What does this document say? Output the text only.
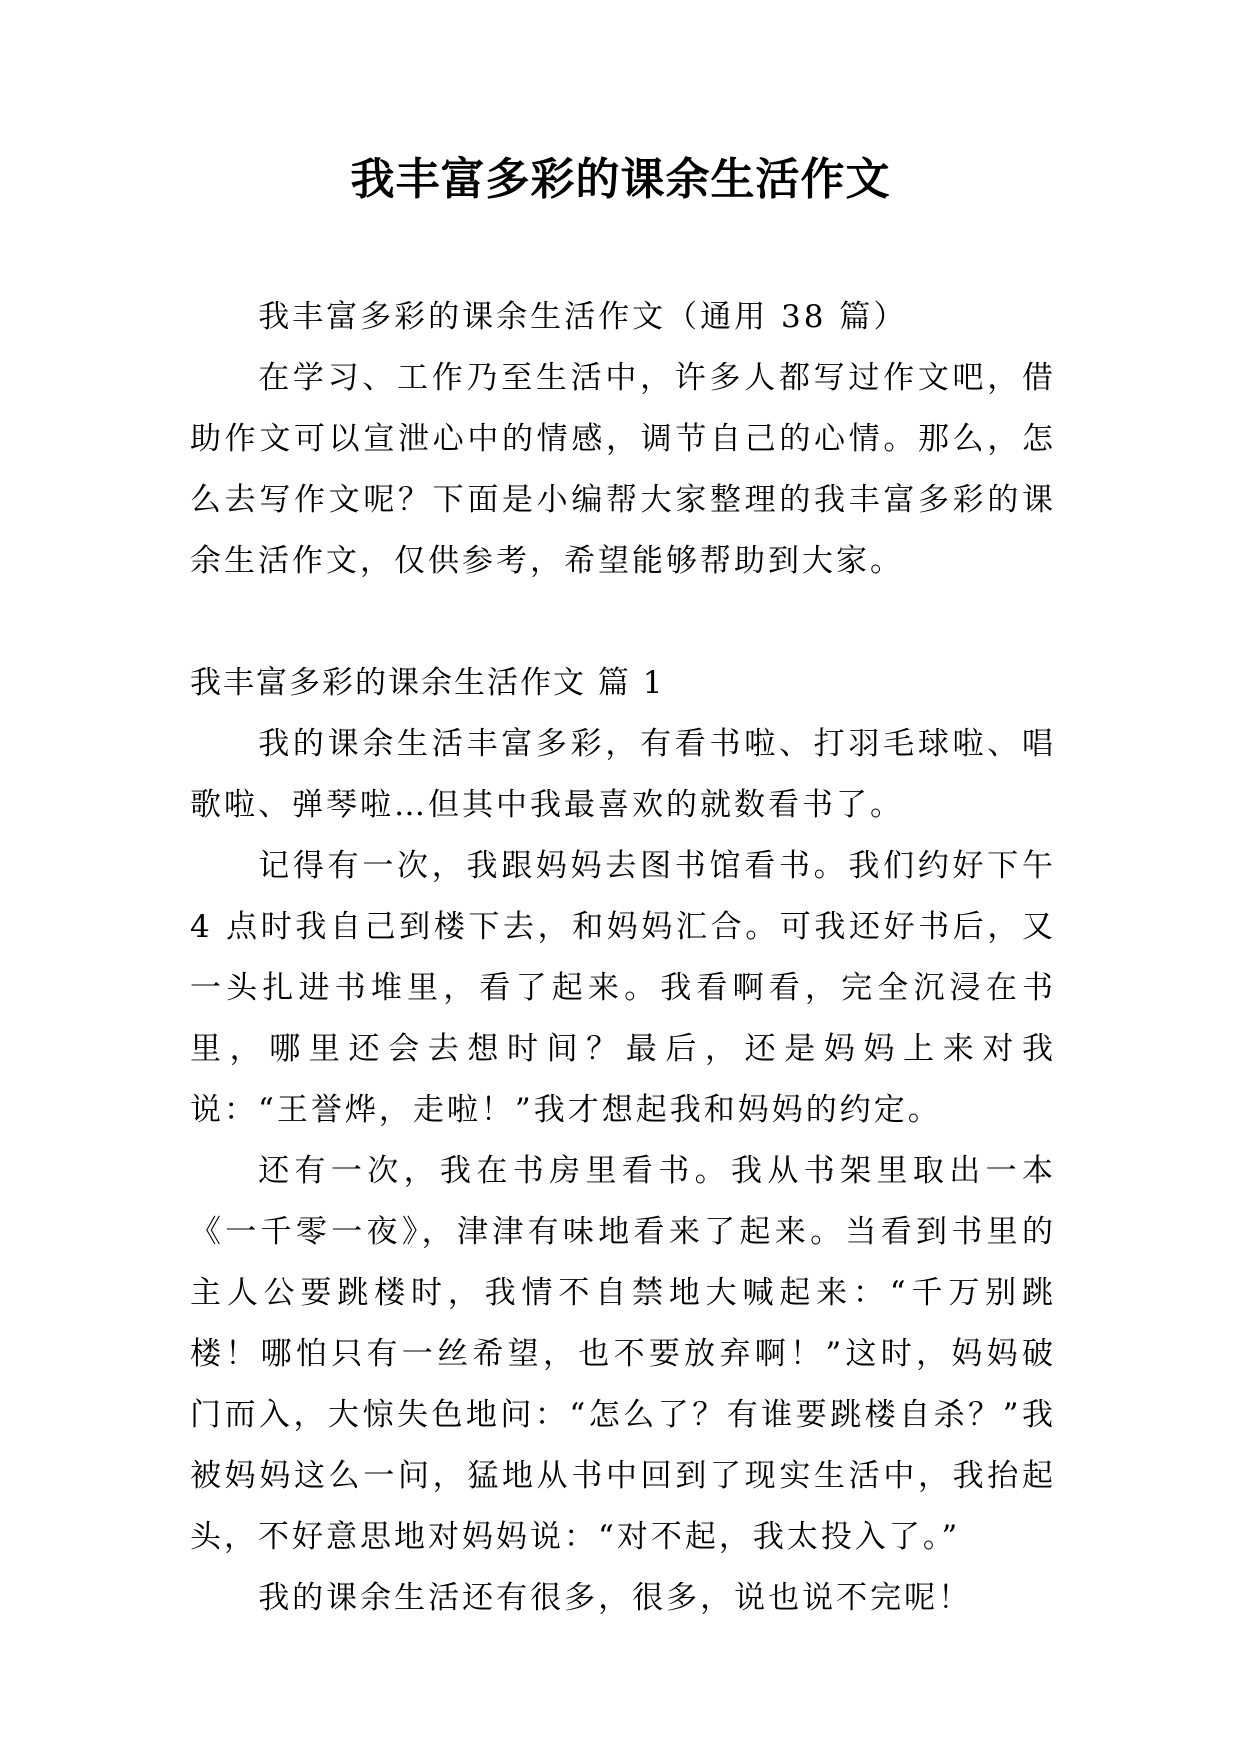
我丰富多彩的课余生活作文

我丰富多彩的课余生活作文（通用 38 篇）

在学习、工作乃至生活中，许多人都写过作文吧，借助作文可以宣泄心中的情感，调节自己的心情。那么，怎么去写作文呢？下面是小编帮大家整理的我丰富多彩的课余生活作文，仅供参考，希望能够帮助到大家。

我丰富多彩的课余生活作文 篇 1

我的课余生活丰富多彩，有看书啦、打羽毛球啦、唱歌啦、弹琴啦…但其中我最喜欢的就数看书了。

记得有一次，我跟妈妈去图书馆看书。我们约好下午 4 点时我自己到楼下去，和妈妈汇合。可我还好书后，又一头扎进书堆里，看了起来。我看啊看，完全沉浸在书里，哪里还会去想时间？最后，还是妈妈上来对我说：“王誉烨，走啦！”我才想起我和妈妈的约定。

还有一次，我在书房里看书。我从书架里取出一本《一千零一夜》，津津有味地看来了起来。当看到书里的主人公要跳楼时，我情不自禁地大喊起来：“千万别跳楼！哪怕只有一丝希望，也不要放弃啊！”这时，妈妈破门而入，大惊失色地问：“怎么了？有谁要跳楼自杀？”我被妈妈这么一问，猛地从书中回到了现实生活中，我抬起头，不好意思地对妈妈说：“对不起，我太投入了。”

我的课余生活还有很多，很多，说也说不完呢！
